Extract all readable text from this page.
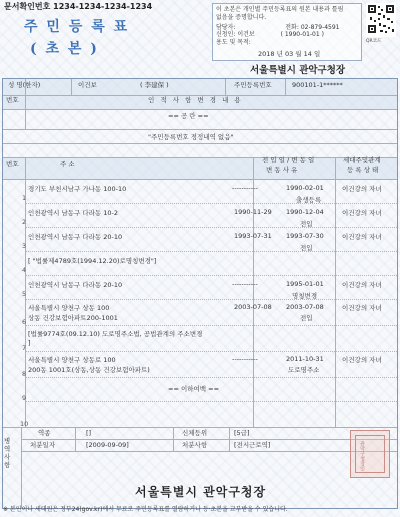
문서확인번호 1234-1234-1234-1234
주 민 등 록 표
( 초 본 )
이 초본은 개인별 주민등록표의 원본 내용과 틀림
없음을 증명합니다.
담당자:	전화: 02-879-4591
신청인: 이건보	( 1990-01-01 )
용도 및 목적:	QR코드
2018 년 03 월 14 일
서울특별시 관악구청장
성 명(한자)	이건보	( 李建保 )	주민등록번호	900101-1******
번호	인 적 사 항 변 경 내 용
== 공 란 ==
"주민등록번호 정정내역 없음"
번호	주 소	전 입 일 / 변 동 일
변 동 사 유
세대주및관계
등 록 상 태
1
경기도 부천시남구 가나동 100-10	-----------	1990-02-01
출생등록
이건강의 자녀
2
인천광역시 남동구 다라동 10-2	1990-11-29 1990-12-04
전입
이건강의 자녀
3
인천광역시 남동구 다라동 20-10	1993-07-31 1993-07-30
전입
이건강의 자녀
4
[ "법률제4789호(1994.12.20)로명칭변경"]
5
인천광역시 남동구 다라동 20-10	-----------	1995-01-01
명칭변경
이건강의 자녀
6
서울특별시 양천구 상동 100
상동 건강보험아파트200-1001
2003-07-08 2003-07-08
전입
이건강의 자녀
7
[법률9774호(09.12.10) 도로명주소법, 공법관계의 주소변경
]
8
서울특별시 양천구 상동로 100
200동 1001호(상동,상동 건강보험아파트)
-----------	2011-10-31
도로명주소
이건강의 자녀
9
== 이하여백 ==
10
병
역
사
항
역종	[]	신체등위	[5급]
처분일자	[2009-09-09]	처분사항	[전시근로역]	관악구청장인
서울특별시 관악구청장
※ 본인이나 세대원은 정부24(gov.kr)에서 무료로 주민등록표를 열람하거나 등·초본을 교부받을 수 있습니다.
